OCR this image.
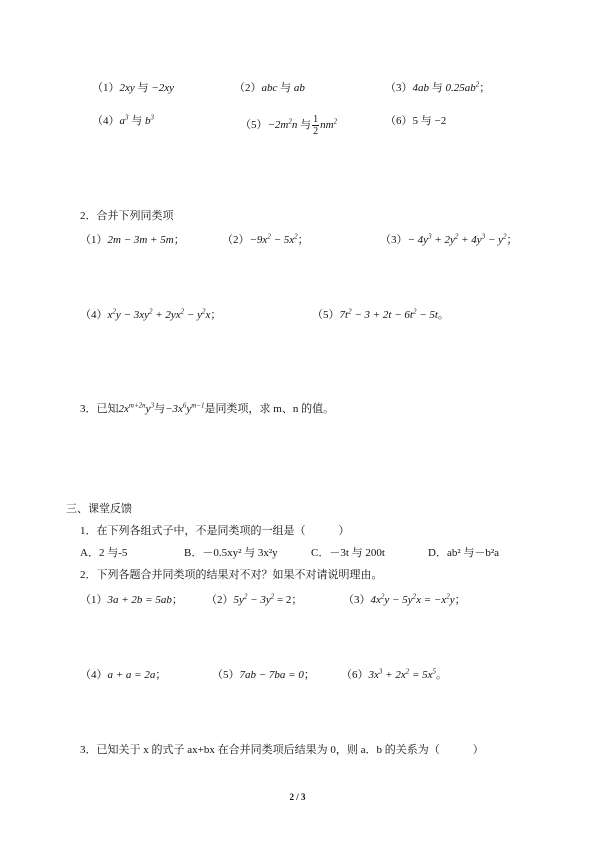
（1）2xy 与 −2xy	（2）abc 与 ab	（3）4ab 与 $0.25ab^2$；
$(4)a^3$ 与 $b^3$
$(5)-2m^2n$ 与 $\frac{1}{2} nm^2$	（6）5 与 −2
2．合并下列同类项
（1）2m − 3m + 5m；	$(2)-9x^2 - 5x^2$；	$(3)- 4y^3 + 2y^2 + 4y^3 - y^2$；
$(4)x^2y - 3xy^2 + 2yx^2 - y^2x$；	$(5)7t^2 - 3 + 2t - 6t^2 - 5t$。
3．已知$2x^{m+2n}y^3$与$-3x^6y^{m-1}$是同类项，求 m、n 的值。
三、课堂反馈
1．在下列各组式子中，不是同类项的一组是（　　　）
A．2 与-5	B．－0.5xy² 与 3x²y	C．－3t 与 200t	D．ab² 与－b²a
2．下列各题合并同类项的结果对不对？如果不对请说明理由。
（1）3a + 2b = 5ab； $(2)5y^2 - 3y^2 = 2$；	$(3)4x^2y - 5y^2x = -x^2y$；
（4）a + a = 2a；	（5）7ab − 7ba = 0； $(6)3x^3 + 2x^2 = 5x^5$。
3．已知关于 x 的式子 ax+bx 在合并同类项后结果为 0，则 a．b 的关系为（　　　）
2 / 3
